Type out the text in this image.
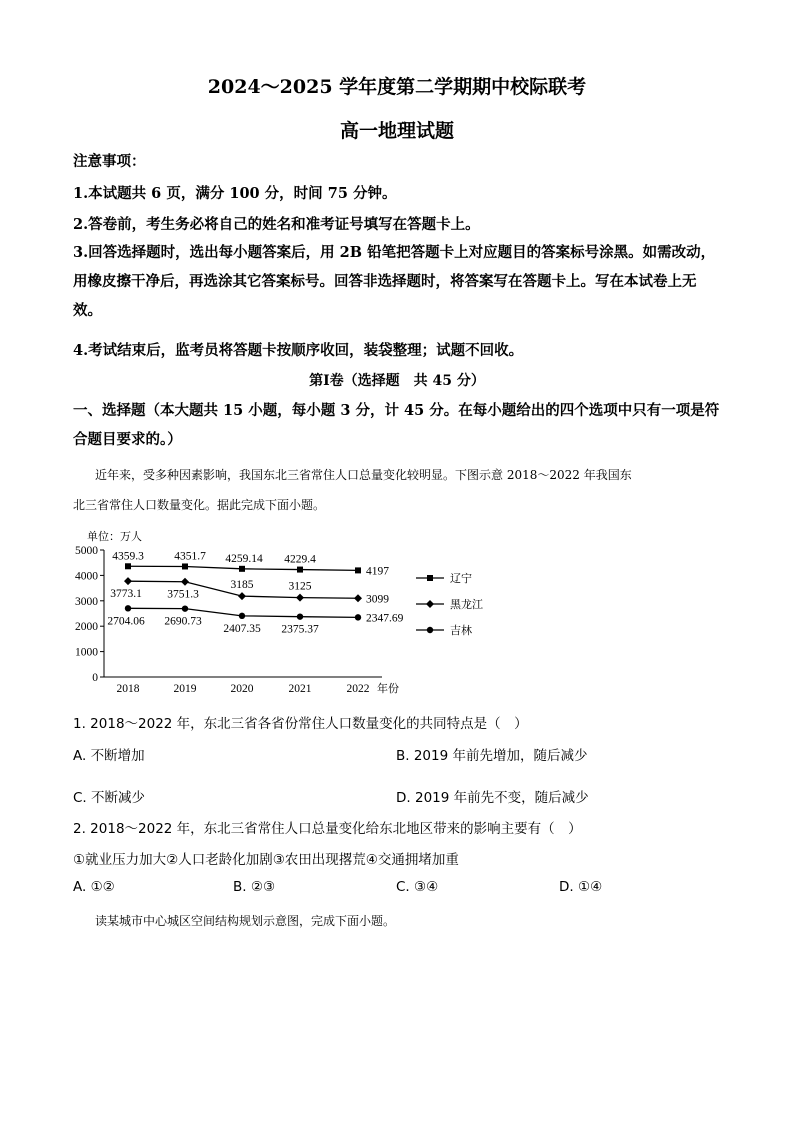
2024～2025 学年度第二学期期中校际联考
高一地理试题
注意事项：
1.本试题共 6 页，满分 100 分，时间 75 分钟。
2.答卷前，考生务必将自己的姓名和准考证号填写在答题卡上。
3.回答选择题时，选出每小题答案后，用 2B 铅笔把答题卡上对应题目的答案标号涂黑。如需改动，用橡皮擦干净后，再选涂其它答案标号。回答非选择题时，将答案写在答题卡上。写在本试卷上无效。
4.考试结束后，监考员将答题卡按顺序收回，装袋整理；试题不回收。
第Ⅰ卷（选择题　共 45 分）
一、选择题（本大题共 15 小题，每小题 3 分，计 45 分。在每小题给出的四个选项中只有一项是符合题目要求的。）
近年来，受多种因素影响，我国东北三省常住人口总量变化较明显。下图示意 2018～2022 年我国东
北三省常住人口数量变化。据此完成下面小题。
单位：万人
年份
0
1000
2000
3000
4000
5000
2018	2019	2020	2021	2022
4359.3	4351.7 4259.14 4229.4
4197
3773.1 3751.3
3185	3125
3099
2704.06 2690.73
2407.35 2375.37
2347.69
辽宁
黑龙江
吉林
1. 2018～2022 年，东北三省各省份常住人口数量变化的共同特点是（　）
A. 不断增加	B. 2019 年前先增加，随后减少
C. 不断减少	D. 2019 年前先不变，随后减少
2. 2018～2022 年，东北三省常住人口总量变化给东北地区带来的影响主要有（　）
①就业压力加大②人口老龄化加剧③农田出现撂荒④交通拥堵加重
A. ①②	B. ②③	C. ③④	D. ①④
读某城市中心城区空间结构规划示意图，完成下面小题。
